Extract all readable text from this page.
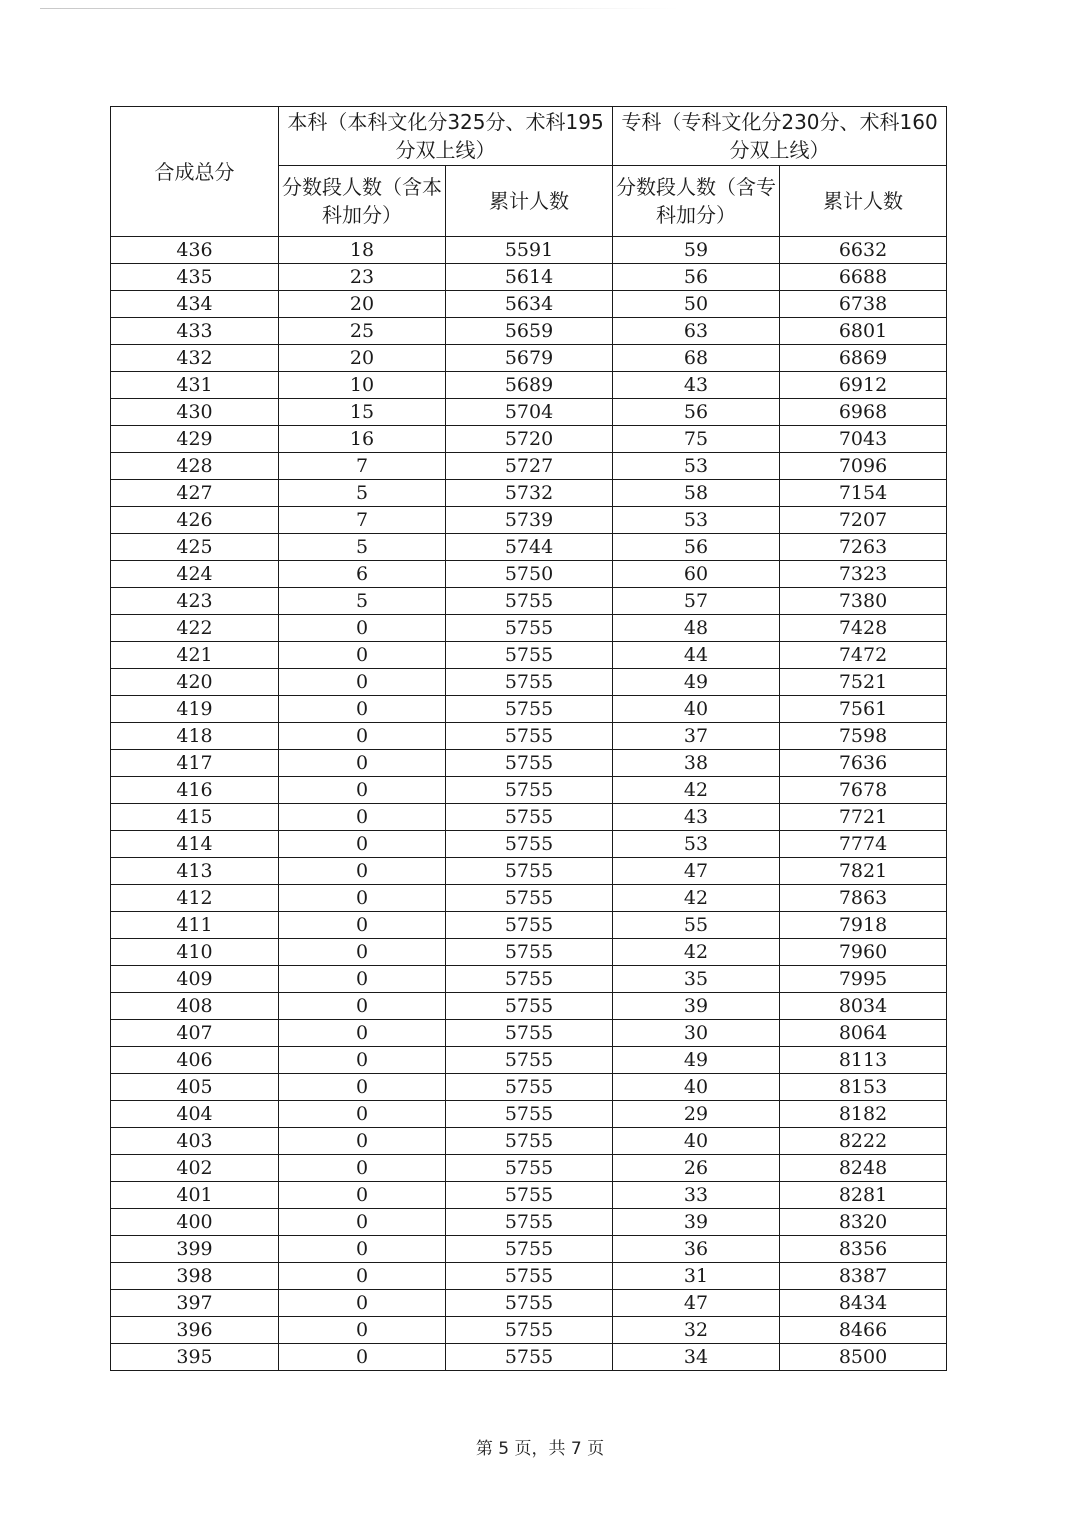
合成总分	本科（本科文化分325分、术科195分双上线）		专科（专科文化分230分、术科160分双上线）	
	分数段人数（含本科加分）	累计人数	分数段人数（含专科加分）	累计人数
436	18	5591	59	6632
435	23	5614	56	6688
434	20	5634	50	6738
433	25	5659	63	6801
432	20	5679	68	6869
431	10	5689	43	6912
430	15	5704	56	6968
429	16	5720	75	7043
428	7	5727	53	7096
427	5	5732	58	7154
426	7	5739	53	7207
425	5	5744	56	7263
424	6	5750	60	7323
423	5	5755	57	7380
422	0	5755	48	7428
421	0	5755	44	7472
420	0	5755	49	7521
419	0	5755	40	7561
418	0	5755	37	7598
417	0	5755	38	7636
416	0	5755	42	7678
415	0	5755	43	7721
414	0	5755	53	7774
413	0	5755	47	7821
412	0	5755	42	7863
411	0	5755	55	7918
410	0	5755	42	7960
409	0	5755	35	7995
408	0	5755	39	8034
407	0	5755	30	8064
406	0	5755	49	8113
405	0	5755	40	8153
404	0	5755	29	8182
403	0	5755	40	8222
402	0	5755	26	8248
401	0	5755	33	8281
400	0	5755	39	8320
399	0	5755	36	8356
398	0	5755	31	8387
397	0	5755	47	8434
396	0	5755	32	8466
395	0	5755	34	8500
第 5 页，共 7 页
